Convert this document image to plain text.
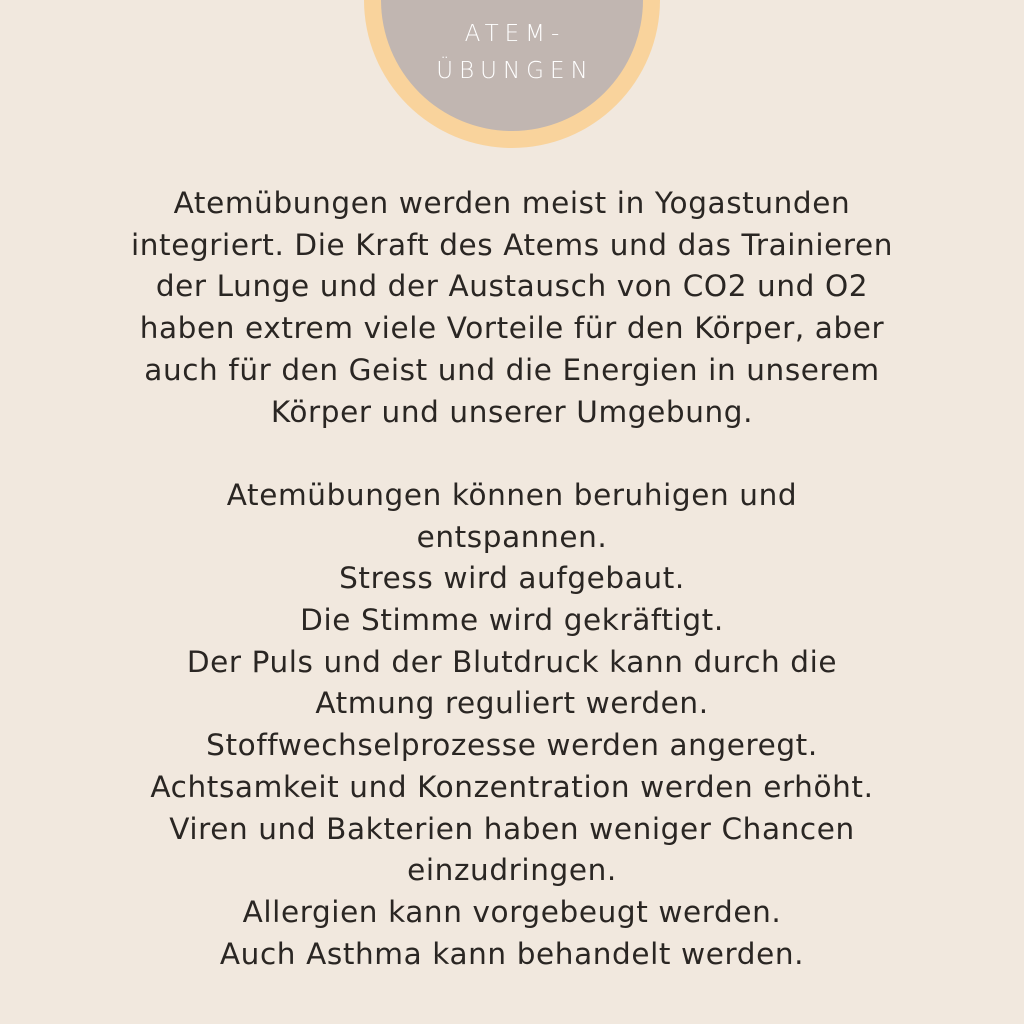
ATEM-
ÜBUNGEN

Atemübungen werden meist in Yogastunden
integriert. Die Kraft des Atems und das Trainieren
der Lunge und der Austausch von CO2 und O2
haben extrem viele Vorteile für den Körper, aber
auch für den Geist und die Energien in unserem
Körper und unserer Umgebung.

Atemübungen können beruhigen und
entspannen.
Stress wird aufgebaut.
Die Stimme wird gekräftigt.
Der Puls und der Blutdruck kann durch die
Atmung reguliert werden.
Stoffwechselprozesse werden angeregt.
Achtsamkeit und Konzentration werden erhöht.
Viren und Bakterien haben weniger Chancen
einzudringen.
Allergien kann vorgebeugt werden.
Auch Asthma kann behandelt werden.
